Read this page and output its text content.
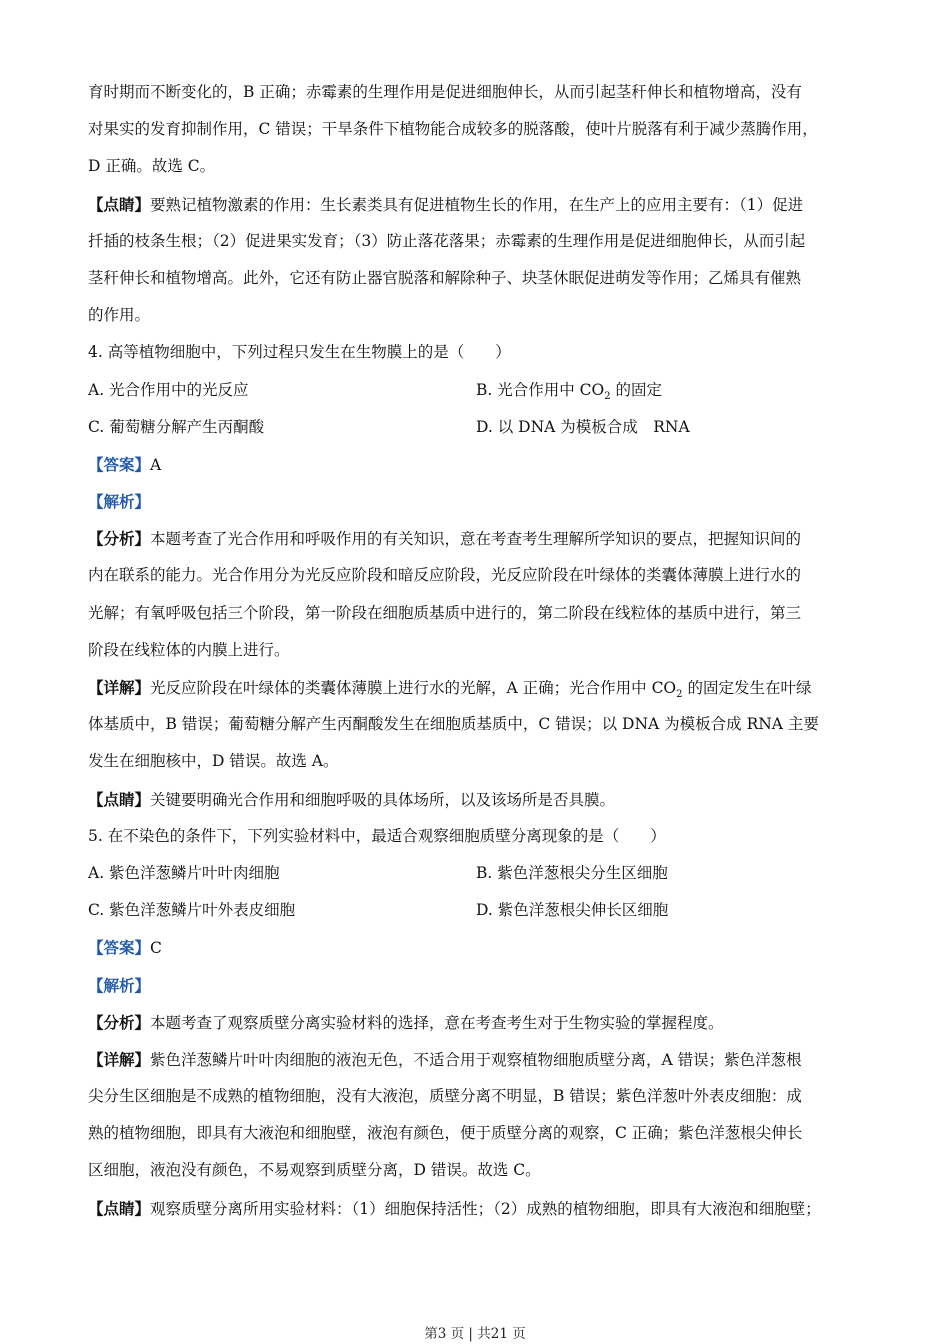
育时期而不断变化的，B 正确；赤霉素的生理作用是促进细胞伸长，从而引起茎秆伸长和植物增高，没有
对果实的发育抑制作用，C 错误；干旱条件下植物能合成较多的脱落酸，使叶片脱落有利于减少蒸腾作用，
D 正确。故选 C。
【点睛】要熟记植物激素的作用：生长素类具有促进植物生长的作用，在生产上的应用主要有：（1）促进
扦插的枝条生根；（2）促进果实发育；（3）防止落花落果；赤霉素的生理作用是促进细胞伸长，从而引起
茎秆伸长和植物增高。此外，它还有防止器官脱落和解除种子、块茎休眠促进萌发等作用；乙烯具有催熟
的作用。
4. 高等植物细胞中，下列过程只发生在生物膜上的是（　　）
A. 光合作用中的光反应	B. 光合作用中 $CO_2$ 的固定
C. 葡萄糖分解产生丙酮酸	D. 以 DNA 为模板合成　RNA
【答案】A
【解析】
【分析】本题考查了光合作用和呼吸作用的有关知识，意在考查考生理解所学知识的要点，把握知识间的
内在联系的能力。光合作用分为光反应阶段和暗反应阶段，光反应阶段在叶绿体的类囊体薄膜上进行水的
光解；有氧呼吸包括三个阶段，第一阶段在细胞质基质中进行的，第二阶段在线粒体的基质中进行，第三
阶段在线粒体的内膜上进行。
【详解】光反应阶段在叶绿体的类囊体薄膜上进行水的光解，A 正确；光合作用中 $CO_2$ 的固定发生在叶绿
体基质中，B 错误；葡萄糖分解产生丙酮酸发生在细胞质基质中，C 错误；以 DNA 为模板合成 RNA 主要
发生在细胞核中，D 错误。故选 A。
【点睛】关键要明确光合作用和细胞呼吸的具体场所，以及该场所是否具膜。
5. 在不染色的条件下，下列实验材料中，最适合观察细胞质壁分离现象的是（　　）
A. 紫色洋葱鳞片叶叶肉细胞	B. 紫色洋葱根尖分生区细胞
C. 紫色洋葱鳞片叶外表皮细胞	D. 紫色洋葱根尖伸长区细胞
【答案】C
【解析】
【分析】本题考查了观察质壁分离实验材料的选择，意在考查考生对于生物实验的掌握程度。
【详解】紫色洋葱鳞片叶叶肉细胞的液泡无色，不适合用于观察植物细胞质壁分离，A 错误；紫色洋葱根
尖分生区细胞是不成熟的植物细胞，没有大液泡，质壁分离不明显，B 错误；紫色洋葱叶外表皮细胞：成
熟的植物细胞，即具有大液泡和细胞壁，液泡有颜色，便于质壁分离的观察，C 正确；紫色洋葱根尖伸长
区细胞，液泡没有颜色，不易观察到质壁分离，D 错误。故选 C。
【点睛】观察质壁分离所用实验材料：（1）细胞保持活性；（2）成熟的植物细胞，即具有大液泡和细胞壁；
第3 页 | 共21 页
